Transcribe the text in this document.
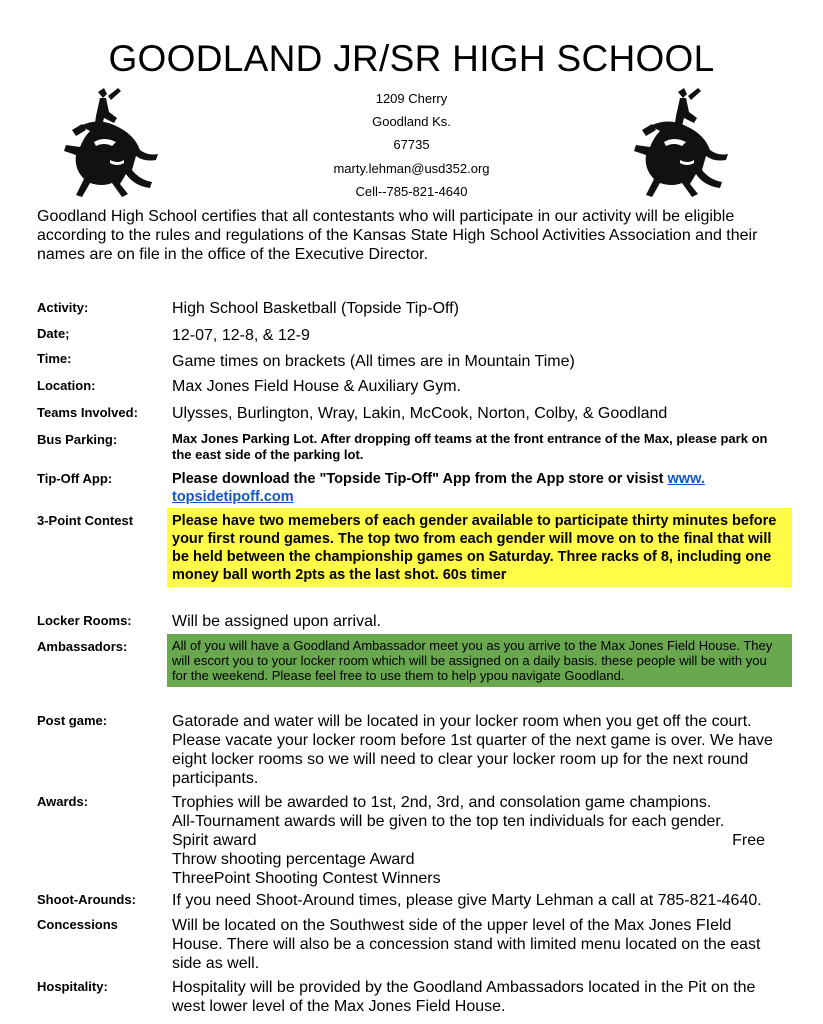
GOODLAND JR/SR HIGH SCHOOL
1209 Cherry
Goodland Ks.
67735
marty.lehman@usd352.org
Cell--785-821-4640

Goodland High School certifies that all contestants who will participate in our activity will be eligible according to the rules and regulations of the Kansas State High School Activities Association and their names are on file in the office of the Executive Director.

Activity:	High School Basketball (Topside Tip-Off)
Date;	12-07, 12-8, & 12-9
Time:	Game times on brackets (All times are in Mountain Time)
Location:	Max Jones Field House & Auxiliary Gym.
Teams Involved:	Ulysses, Burlington, Wray, Lakin, McCook, Norton, Colby, & Goodland
Bus Parking:	Max Jones Parking Lot. After dropping off teams at the front entrance of the Max, please park on the east side of the parking lot.
Tip-Off App:	Please download the "Topside Tip-Off" App from the App store or visist www.
topsidetipoff.com
3-Point Contest	Please have two memebers of each gender available to participate thirty minutes before your first round games. The top two from each gender will move on to the final that will be held between the championship games on Saturday. Three racks of 8, including one money ball worth 2pts as the last shot. 60s timer
Locker Rooms:	Will be assigned upon arrival.
Ambassadors:	All of you will have a Goodland Ambassador meet you as you arrive to the Max Jones Field House. They will escort you to your locker room which will be assigned on a daily basis. these people will be with you for the weekend. Please feel free to use them to help ypou navigate Goodland.
Post game:	Gatorade and water will be located in your locker room when you get off the court. Please vacate your locker room before 1st quarter of the next game is over. We have eight locker rooms so we will need to clear your locker room up for the next round participants.
Awards:	Trophies will be awarded to 1st, 2nd, 3rd, and consolation game champions.
All-Tournament awards will be given to the top ten individuals for each gender.
Spirit award	Free
Throw shooting percentage Award
ThreePoint Shooting Contest Winners
Shoot-Arounds:	If you need Shoot-Around times, please give Marty Lehman a call at 785-821-4640.
Concessions	Will be located on the Southwest side of the upper level of the Max Jones FIeld House. There will also be a concession stand with limited menu located on the east side as well.
Hospitality:	Hospitality will be provided by the Goodland Ambassadors located in the Pit on the west lower level of the Max Jones Field House.
